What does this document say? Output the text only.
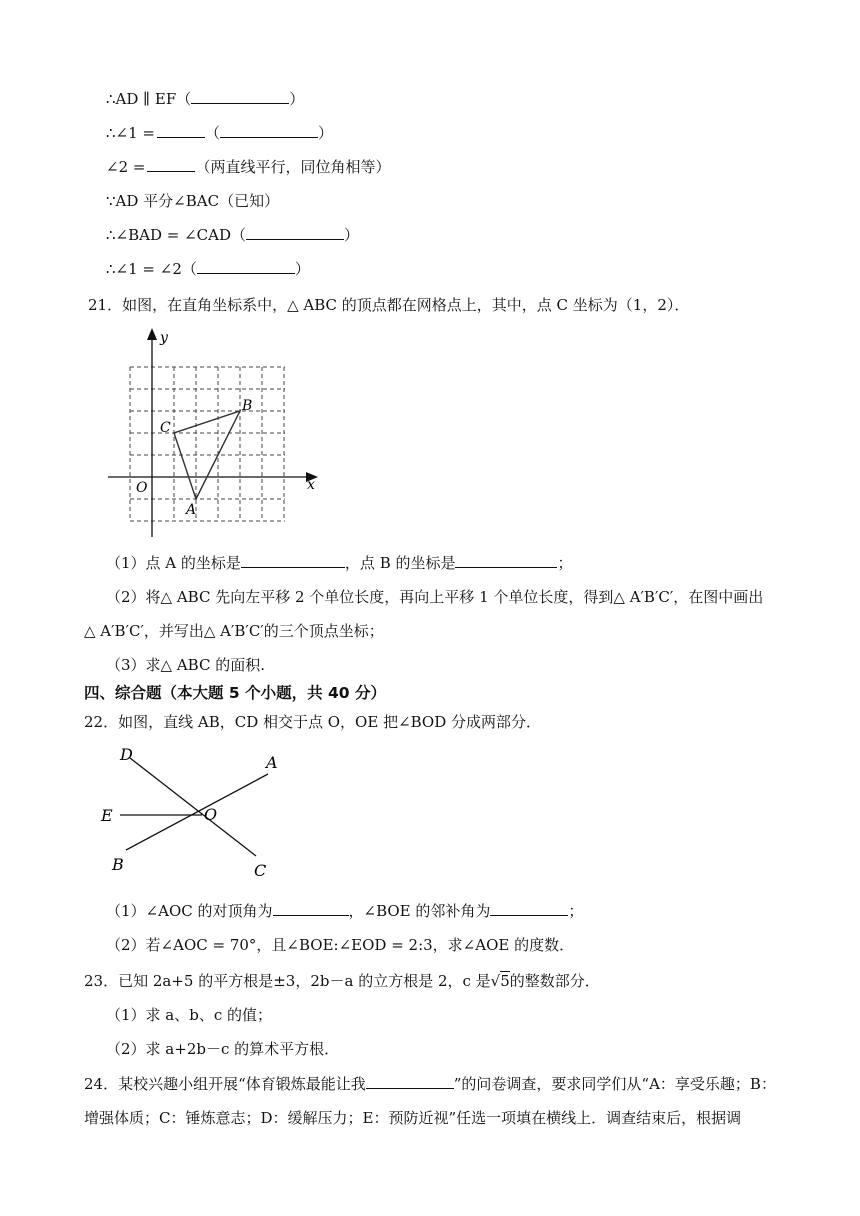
∴AD ∥ EF（	）
∴∠1 =	（	）
∠2 =	（两直线平行，同位角相等）
∵AD 平分∠BAC（已知）
∴∠BAD = ∠CAD（	）
∴∠1 = ∠2（	）
21．如图，在直角坐标系中，△ ABC 的顶点都在网格点上，其中，点 C 坐标为（1，2）．
y
x
O
A
B
C
（1）点 A 的坐标是	，点 B 的坐标是	；
（2）将△ ABC 先向左平移 2 个单位长度，再向上平移 1 个单位长度，得到△ A′B′C′，在图中画出
△ A′B′C′，并写出△ A′B′C′的三个顶点坐标；
（3）求△ ABC 的面积.
四、综合题（本大题 5 个小题，共 40 分）
22．如图，直线 AB，CD 相交于点 O，OE 把∠BOD 分成两部分．
D	A
E	O
B	C
（1）∠AOC 的对顶角为	，∠BOE 的邻补角为	；
（2）若∠AOC = 70°，且∠BOE:∠EOD = 2:3，求∠AOE 的度数．
23．已知 2a+5 的平方根是±3，2b－a 的立方根是 2，c 是√5的整数部分．
（1）求 a、b、c 的值；
（2）求 a+2b－c 的算术平方根．
24．某校兴趣小组开展“体育锻炼最能让我	”的问卷调查，要求同学们从“A：享受乐趣；B：
增强体质；C：锤炼意志；D：缓解压力；E：预防近视”任选一项填在横线上．调查结束后，根据调
